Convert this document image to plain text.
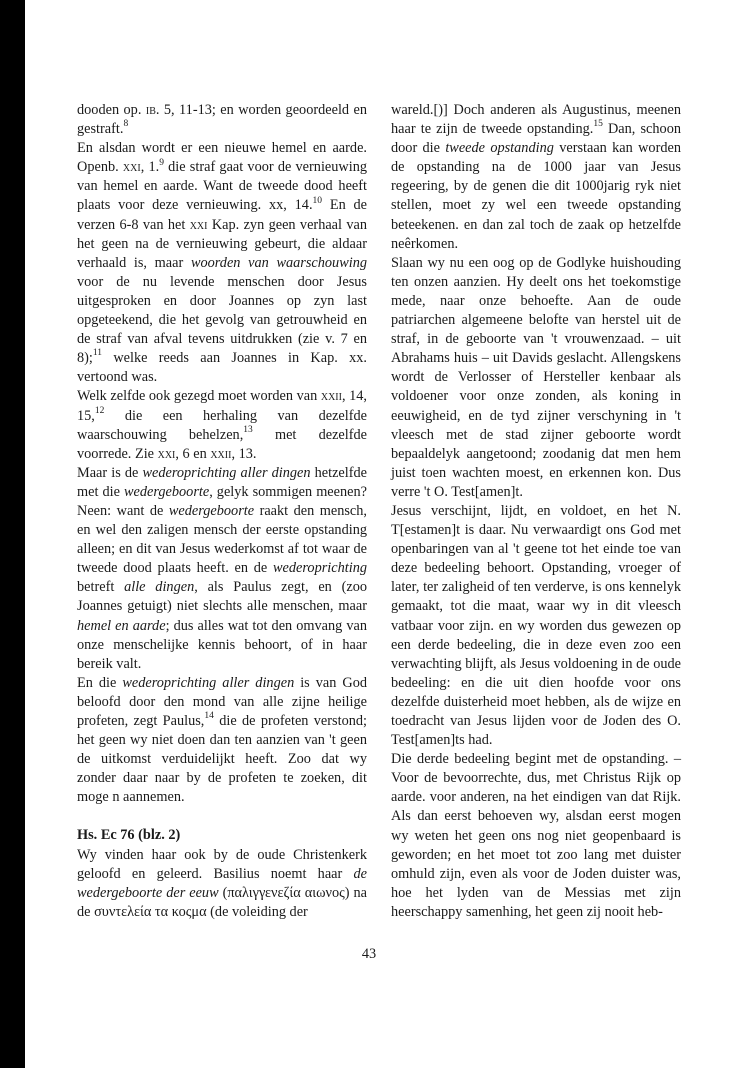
dooden op. ib. 5, 11-13; en worden geoordeeld en gestraft.$^8$

En alsdan wordt er een nieuwe hemel en aarde. Openb. xxi, 1.$^9$ die straf gaat voor de vernieuwing van hemel en aarde. Want de tweede dood heeft plaats voor deze vernieuwing. xx, 14.10 En de verzen 6-8 van het xxi Kap. zyn geen verhaal van het geen na de vernieuwing gebeurt, die aldaar verhaald is, maar woorden van waarschouwing voor de nu levende menschen door Jesus uitgesproken en door Joannes op zyn last opgeteekend, die het gevolg van getrouwheid en de straf van afval tevens uitdrukken (zie v. 7 en 8);$^{11}$ welke reeds aan Joannes in Kap. xx. vertoond was.

Welk zelfde ook gezegd moet worden van xxii, 14, 15,12 die een herhaling van dezelfde waarschouwing behelzen,$^{13}$ met dezelfde voorrede. Zie xxi, 6 en xxii, 13.

Maar is de wederoprichting aller dingen hetzelfde met die wedergeboorte, gelyk sommigen meenen? Neen: want de wedergeboorte raakt den mensch, en wel den zaligen mensch der eerste opstanding alleen; en dit van Jesus wederkomst af tot waar de tweede dood plaats heeft. en de wederoprichting betreft alle dingen, als Paulus zegt, en (zoo Joannes getuigt) niet slechts alle menschen, maar hemel en aarde; dus alles wat tot den omvang van onze menschelijke kennis behoort, of in haar bereik valt.

En die wederoprichting aller dingen is van God beloofd door den mond van alle zijne heilige profeten, zegt Paulus,$^{14}$ die de profeten verstond; het geen wy niet doen dan ten aanzien van 't geen de uitkomst verduidelijkt heeft. Zoo dat wy zonder daar naar by de profeten te zoeken, dit moge n aannemen.

Hs. Ec 76 (blz. 2)

Wy vinden haar ook by de oude Christenkerk geloofd en geleerd. Basilius noemt haar de wedergeboorte der eeuw (παλιγγενεζία αιωνος) na de συντελεία τα κοςμα (de voleiding der

wareld.[)] Doch anderen als Augustinus, meenen haar te zijn de tweede opstanding.$^{15}$ Dan, schoon door die tweede opstanding verstaan kan worden de opstanding na de 1000 jaar van Jesus regeering, by de genen die dit 1000jarig ryk niet stellen, moet zy wel een tweede opstanding beteekenen. en dan zal toch de zaak op hetzelfde neêrkomen.

Slaan wy nu een oog op de Godlyke huishouding ten onzen aanzien. Hy deelt ons het toekomstige mede, naar onze behoefte. Aan de oude patriarchen algemeene belofte van herstel uit de straf, in de geboorte van 't vrouwenzaad. – uit Abrahams huis – uit Davids geslacht. Allengskens wordt de Verlosser of Hersteller kenbaar als voldoener voor onze zonden, als koning in eeuwigheid, en de tyd zijner verschyning in 't vleesch met de stad zijner geboorte wordt bepaaldelyk aangetoond; zoodanig dat men hem juist toen wachten moest, en erkennen kon. Dus verre 't O. Test[amen]t.

Jesus verschijnt, lijdt, en voldoet, en het N. T[estamen]t is daar. Nu verwaardigt ons God met openbaringen van al 't geene tot het einde toe van deze bedeeling behoort. Opstanding, vroeger of later, ter zaligheid of ten verderve, is ons kennelyk gemaakt, tot die maat, waar wy in dit vleesch vatbaar voor zijn. en wy worden dus gewezen op een derde bedeeling, die in deze even zoo een verwachting blijft, als Jesus voldoening in de oude bedeeling: en die uit dien hoofde voor ons dezelfde duisterheid moet hebben, als de wijze en toedracht van Jesus lijden voor de Joden des O. Test[amen]ts had.

Die derde bedeeling begint met de opstanding. – Voor de bevoorrechte, dus, met Christus Rijk op aarde. voor anderen, na het eindigen van dat Rijk. Als dan eerst behoeven wy, alsdan eerst mogen wy weten het geen ons nog niet geopenbaard is geworden; en het moet tot zoo lang met duister omhuld zijn, even als voor de Joden duister was, hoe het lyden van de Messias met zijn heerschappy samenhing, het geen zij nooit heb-

43
